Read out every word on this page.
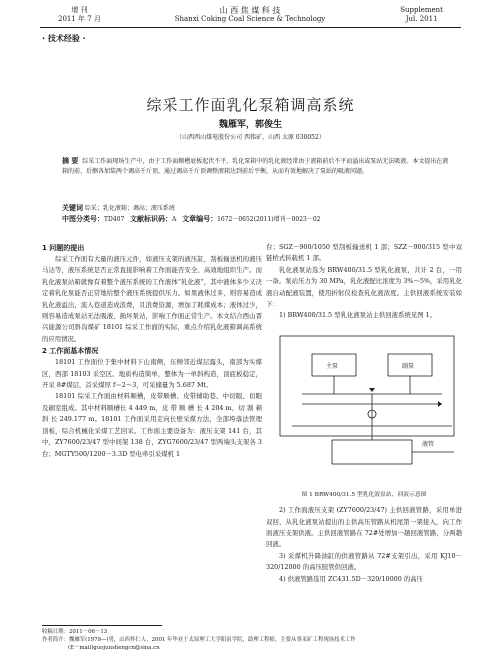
增 刊
2011 年 7 月
山 西 焦 煤 科 技
Shanxi Coking Coal Science & Technology
Supplement
Jul. 2011
· 技术经验 ·
综采工作面乳化泵箱调高系统
魏雁军，郭俊生
（山西西山煤电股份公司 西铭矿，山西 太原 030052）
摘 要 综采工作面现场生产中，由于工作面顺槽底板起伏不平，乳化泵箱中的乳化液经常由于液箱前后不平而溢出或泵站无法吸液。本文提出在液箱的前、后侧各加装两个调高千斤顶，通过调高千斤顶调整液箱达到前后平衡，从而有效地解决了泵站的吸液问题。
关键词 综采；乳化液箱；调高；液压系统
中图分类号：TD407 文献标识码：A 文章编号：1672－0652(2011)增刊－0023－02
1 问题的提出

综采工作面有大量的液压元件，如液压支架的液压缸，刮板输送机的液压马达等，液压系统是否正常直接影响着工作面能否安全、高效地组织生产。而乳化液泵站箱就像有着整个液压系统的工作液体“乳化液”，其中液体多少又决定着乳化泵能否正常地给整个液压系统提供压力。如果液体过多，则容易造成乳化液溢出，流入巷道造成浪费，且浪费资源，增加了耗煤成本；液体过少，则容易造成泵站无法吸液，损坏泵站，影响工作面正常生产。本文结合西山晋兴能源公司斜沟煤矿 18101 综采工作面的实际，重点介绍乳化液箱调高系统的应用情况。

2 工作面基本情况

18101 工作面位于集中材料下山南侧，东侧邻近煤层露头，南部为实煤区，西部 18103 采空区。地质构造简单，整体为一单斜构造，顶底板稳定，开采 8#煤层，首采煤厚 f＝2～3，可采储量为 5.687 Mt。

18101 综采工作面由材料顺槽，皮带顺槽、皮带辅助巷、中切眼、切眼及刷室组成。其中材料顺槽长 4 449 m，皮 带 顺 槽 长 4 204 m，切 割 顿 斜 长 249.177 m。18101 工作面采用走向长壁采煤方法，全部垮落法管理顶板，综合机械化采煤工艺回采。工作面主要设备为：液压支架 141 台，其中，ZY7600/23/47 型中间架 138 台，ZYG7600/23/47 型两端头支架各 3 台；MGTY500/1200－3.3D 型电牵引采煤机 1

台；SGZ－900/1050 型刮板输送机 1 部；SZZ－900/315 型中双链桥式转载机 1 部。

乳化液泵站选为 BRW400/31.5 型乳化液泵，共计 2 台，一用一备。泵站压力为 30 MPa，乳化液配比浓度为 3%～5%，采用乳化液自动配液装置，使用折射仪检查乳化液浓度。主供回液系统安装如下：

1) BRW400/31.5 型乳化液泵站主供回液系统见图 1。

主泵	副泵
液管
图 1 BRW400/31.5 型乳化液泵站、回液示意图

2) 工作面液压支架 (ZY7600/23/47) 主供回液管路，采用单进双回，从乳化液泵站提出的主供高压管路从机尾第一架接入，向工作面液压支架供液。主供回液管路在 72#处增加一趟回液管路，分两趟回液。

3) 采煤机升降油缸的供液管路从 72#支架引出，采用 KJ10－320/12000 的高压胶管供回液。

4) 供液管路选用 ZC431.5D－320/10000 的高压

收稿日期：2011－06－13
作者简介：魏雁军(1979—)男，山西怀仁人，2001 年毕业于太原理工大学阳泉学院，助理工程师，主要从事采矿工程现场技术工作
(E－mail)guojunshengcn@sina.cn
